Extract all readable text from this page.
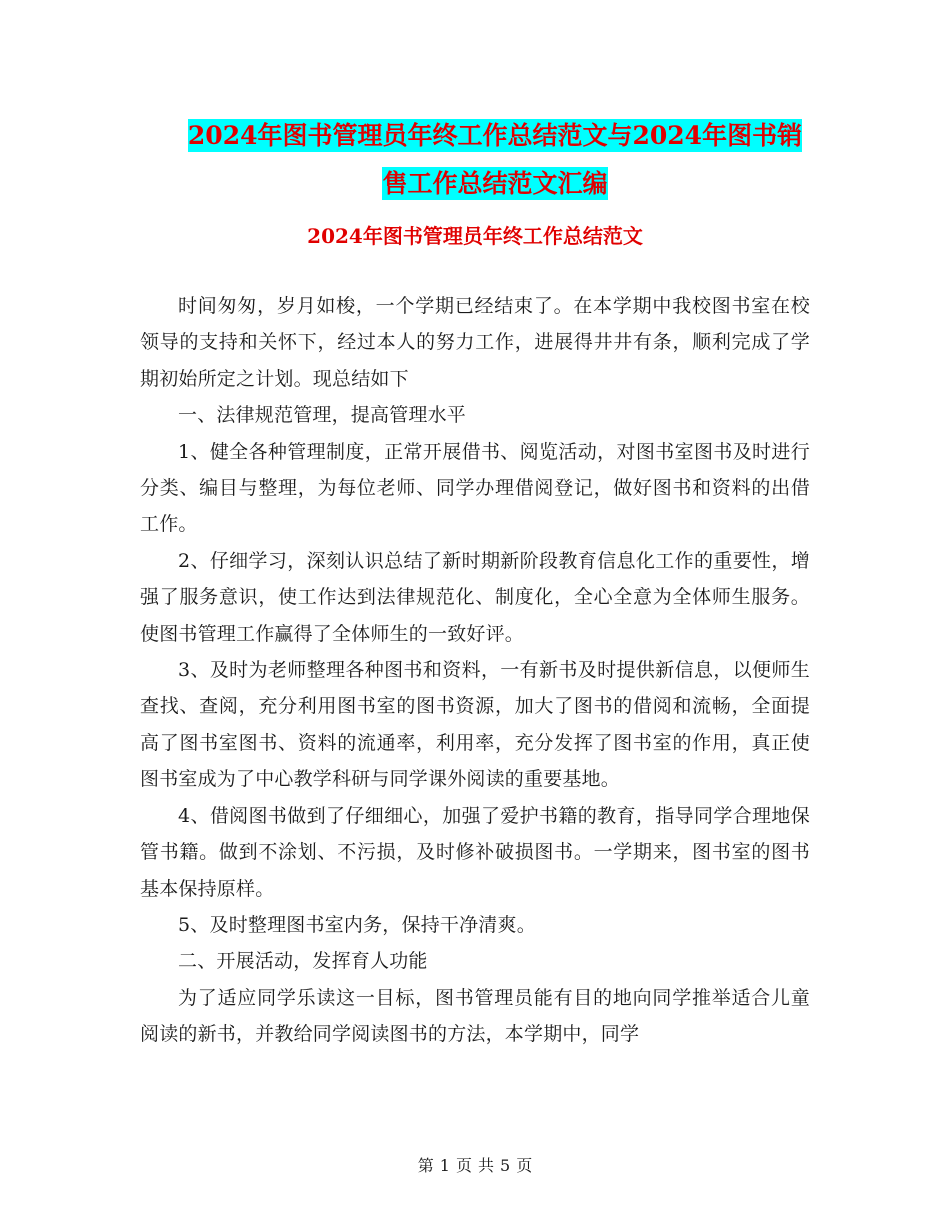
2024年图书管理员年终工作总结范文与2024年图书销
售工作总结范文汇编
2024年图书管理员年终工作总结范文

时间匆匆，岁月如梭，一个学期已经结束了。在本学期中我校图书室在校领导的支持和关怀下，经过本人的努力工作，进展得井井有条，顺利完成了学期初始所定之计划。现总结如下

一、法律规范管理，提高管理水平

1、健全各种管理制度，正常开展借书、阅览活动，对图书室图书及时进行分类、编目与整理，为每位老师、同学办理借阅登记，做好图书和资料的出借工作。

2、仔细学习，深刻认识总结了新时期新阶段教育信息化工作的重要性，增强了服务意识，使工作达到法律规范化、制度化，全心全意为全体师生服务。使图书管理工作赢得了全体师生的一致好评。

3、及时为老师整理各种图书和资料，一有新书及时提供新信息，以便师生查找、查阅，充分利用图书室的图书资源，加大了图书的借阅和流畅，全面提高了图书室图书、资料的流通率，利用率，充分发挥了图书室的作用，真正使图书室成为了中心教学科研与同学课外阅读的重要基地。

4、借阅图书做到了仔细细心，加强了爱护书籍的教育，指导同学合理地保管书籍。做到不涂划、不污损，及时修补破损图书。一学期来，图书室的图书基本保持原样。

5、及时整理图书室内务，保持干净清爽。

二、开展活动，发挥育人功能

为了适应同学乐读这一目标，图书管理员能有目的地向同学推举适合儿童阅读的新书，并教给同学阅读图书的方法，本学期中，同学

第 1 页 共 5 页
